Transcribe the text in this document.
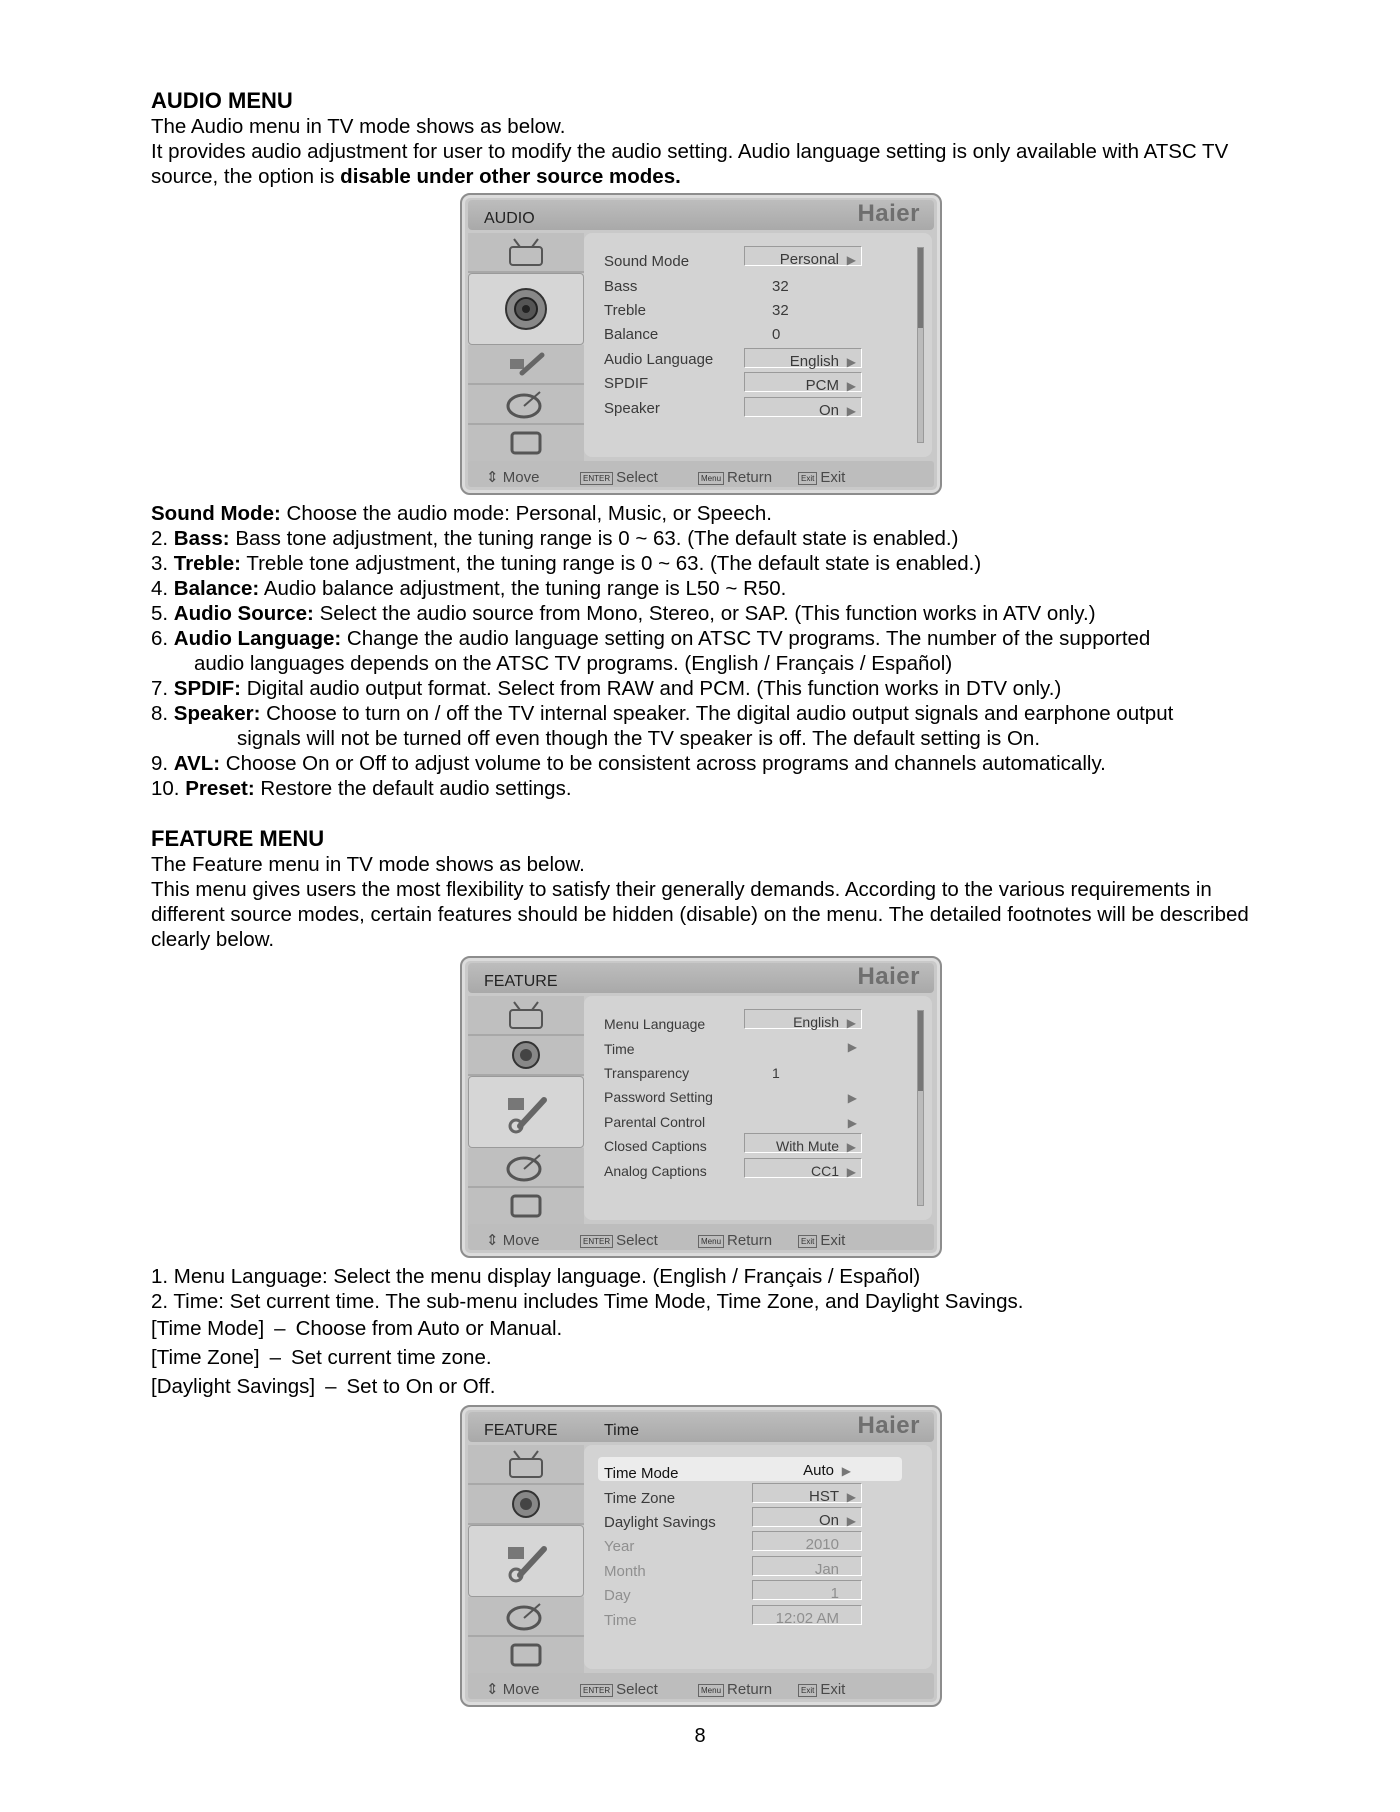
AUDIO MENU

The Audio menu in TV mode shows as below.

It provides audio adjustment for user to modify the audio setting. Audio language setting is only available with ATSC TV source, the option is disable under other source modes.

AUDIO	Haier
Sound Mode	Personal ▶
Bass	32
Treble	32
Balance	0
Audio Language	English ▶
SPDIF	PCM ▶
Speaker	On ▶
⇕ Move	ENTER Select	Menu Return	Exit Exit

Sound Mode: Choose the audio mode: Personal, Music, or Speech.

2. Bass: Bass tone adjustment, the tuning range is 0 ~ 63. (The default state is enabled.)

3. Treble: Treble tone adjustment, the tuning range is 0 ~ 63. (The default state is enabled.)

4. Balance: Audio balance adjustment, the tuning range is L50 ~ R50.

5. Audio Source: Select the audio source from Mono, Stereo, or SAP. (This function works in ATV only.)

6. Audio Language: Change the audio language setting on ATSC TV programs. The number of the supported

audio languages depends on the ATSC TV programs. (English / Français / Español)

7. SPDIF: Digital audio output format. Select from RAW and PCM. (This function works in DTV only.)

8. Speaker: Choose to turn on / off the TV internal speaker. The digital audio output signals and earphone output

signals will not be turned off even though the TV speaker is off. The default setting is On.

9. AVL: Choose On or Off to adjust volume to be consistent across programs and channels automatically.

10. Preset: Restore the default audio settings.

FEATURE MENU

The Feature menu in TV mode shows as below.

This menu gives users the most flexibility to satisfy their generally demands. According to the various requirements in different source modes, certain features should be hidden (disable) on the menu. The detailed footnotes will be described clearly below.

FEATURE	Haier
Menu Language	English ▶
Time	▶
Transparency	1
Password Setting	▶
Parental Control	▶
Closed Captions	With Mute ▶
Analog Captions	CC1 ▶
⇕ Move	ENTER Select	Menu Return	Exit Exit

1. Menu Language: Select the menu display language. (English / Français / Español)

2. Time: Set current time. The sub-menu includes Time Mode, Time Zone, and Daylight Savings.

[Time Mode] – Choose from Auto or Manual.

[Time Zone] – Set current time zone.

[Daylight Savings] – Set to On or Off.

FEATURE	Time	Haier
Time Mode	Auto ▶
Time Zone	HST ▶
Daylight Savings	On ▶
Year	2010
Month	Jan
Day	1
Time	12:02 AM
⇕ Move	ENTER Select	Menu Return	Exit Exit
8
